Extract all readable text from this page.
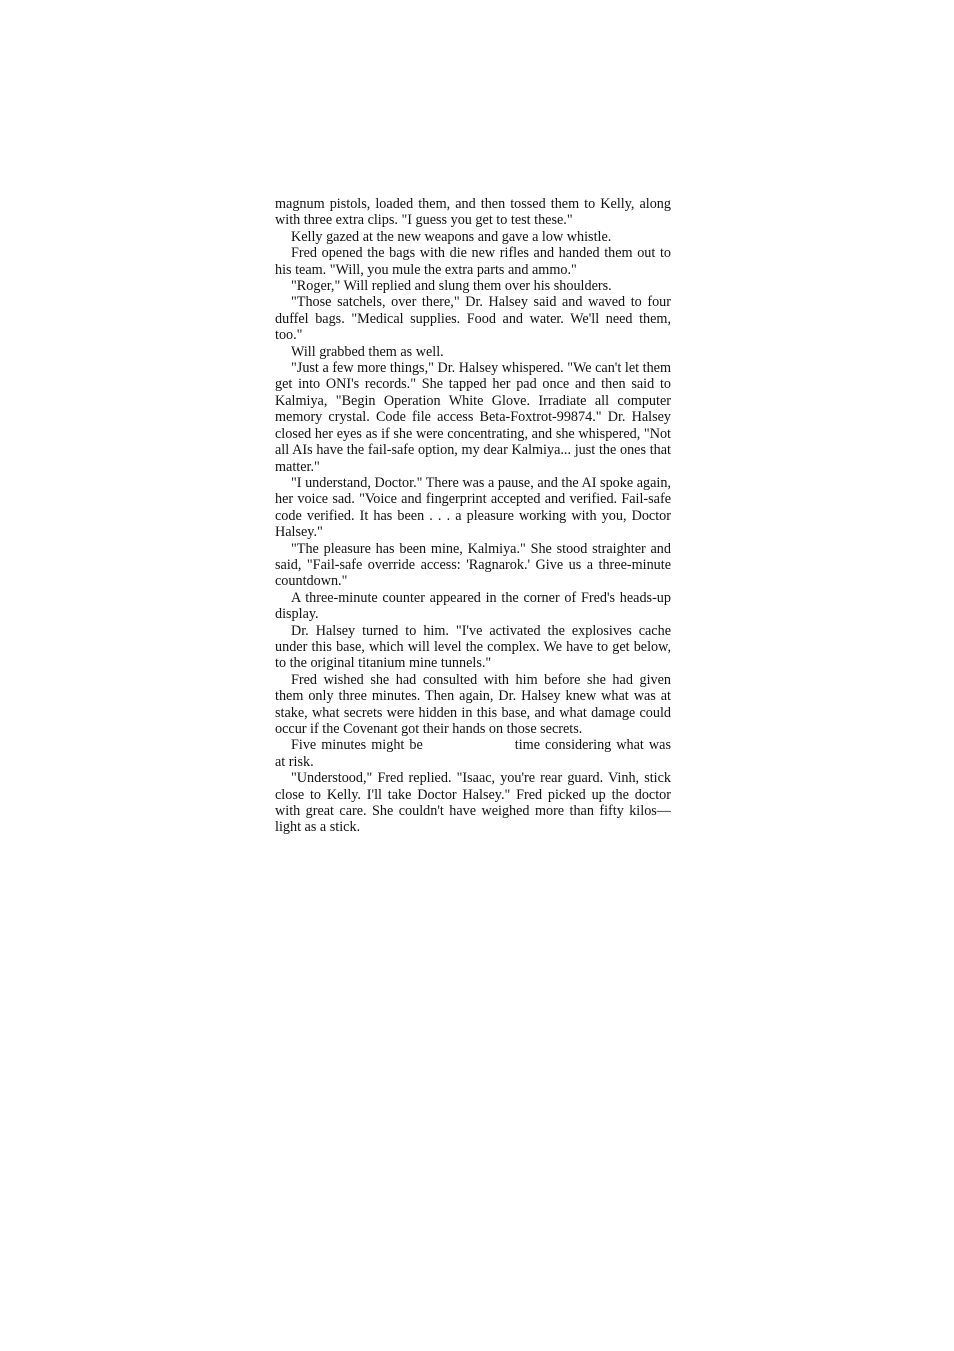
magnum pistols, loaded them, and then tossed them to Kelly, along with three extra clips. "I guess you get to test these."

Kelly gazed at the new weapons and gave a low whistle.

Fred opened the bags with die new rifles and handed them out to his team. "Will, you mule the extra parts and ammo."

"Roger," Will replied and slung them over his shoulders.

"Those satchels, over there," Dr. Halsey said and waved to four duffel bags. "Medical supplies. Food and water. We'll need them, too."

Will grabbed them as well.

"Just a few more things," Dr. Halsey whispered. "We can't let them get into ONI's records." She tapped her pad once and then said to Kalmiya, "Begin Operation White Glove. Irradiate all computer memory crystal. Code file access Beta-Foxtrot-99874." Dr. Halsey closed her eyes as if she were concentrating, and she whispered, "Not all AIs have the fail-safe option, my dear Kalmiya... just the ones that matter."

"I understand, Doctor." There was a pause, and the AI spoke again, her voice sad. "Voice and fingerprint accepted and verified. Fail-safe code verified. It has been . . . a pleasure working with you, Doctor Halsey."

"The pleasure has been mine, Kalmiya." She stood straighter and said, "Fail-safe override access: 'Ragnarok.' Give us a three-minute countdown."

A three-minute counter appeared in the corner of Fred's heads-up display.

Dr. Halsey turned to him. "I've activated the explosives cache under this base, which will level the complex. We have to get below, to the original titanium mine tunnels."

Fred wished she had consulted with him before she had given them only three minutes. Then again, Dr. Halsey knew what was at stake, what secrets were hidden in this base, and what damage could occur if the Covenant got their hands on those secrets.

Five minutes might be	time considering what was at risk.

"Understood," Fred replied. "Isaac, you're rear guard. Vinh, stick close to Kelly. I'll take Doctor Halsey." Fred picked up the doctor with great care. She couldn't have weighed more than fifty kilos—light as a stick.
